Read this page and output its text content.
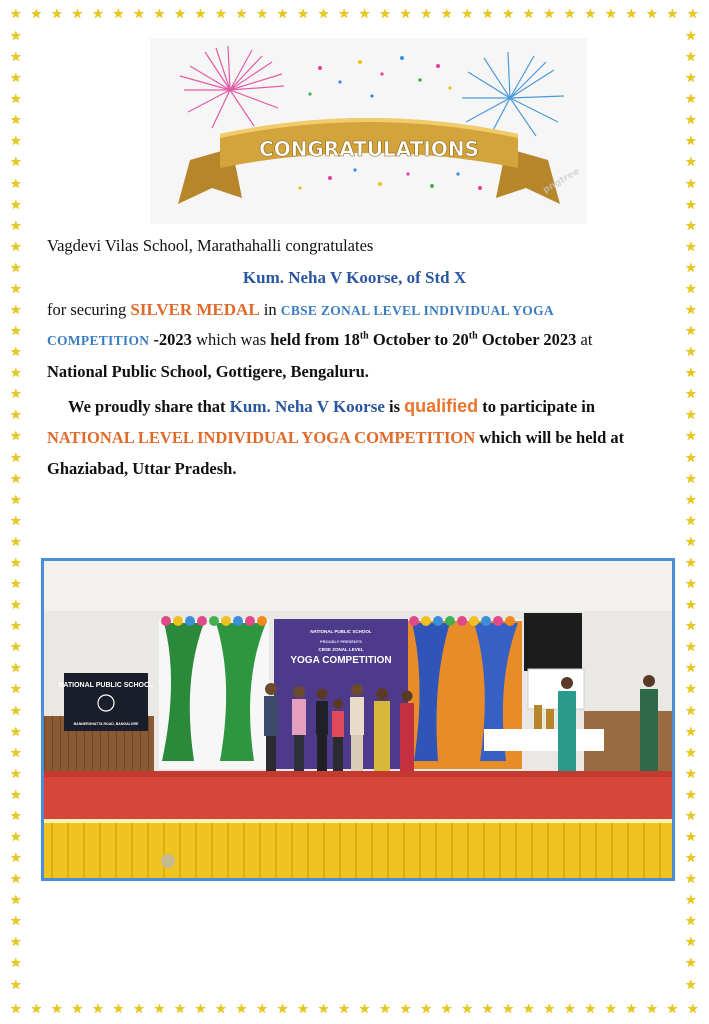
★ ★ ★ ★ ★ ★ ★ ★ ★ ★ ★ ★ ★ ★ ★ ★ ★ ★ ★ ★ ★ ★ ★ ★ ★ ★ ★ ★ ★ ★ ★ ★ ★ ★
★ ★ ★ ★ ★ ★ ★ ★ ★ ★ ★ ★ ★ ★ ★ ★ ★ ★ ★ ★ ★ ★ ★ ★ ★ ★ ★ ★ ★ ★ ★ ★ ★ ★
★
★
★
★
★
★
★
★
★
★
★
★
★
★
★
★
★
★
★
★
★
★
★
★
★
★
★
★
★
★
★
★
★
★
★
★
★
★
★
★
★
★
★
★
★
★
★
★
★
★
★
★
★
★
★
★
★
★
★
★
★
★
★
★
★
★
★
★
★
★
★
★
★
★
★
★
★
★
★
★
★
★
★
★
★
★
★
★
★
★
★
★
CONGRATULATIONS
pngtree
Vagdevi Vilas School, Marathahalli congratulates
Kum. Neha V Koorse, of Std X
for securing SILVER MEDAL in CBSE ZONAL LEVEL INDIVIDUAL YOGA
COMPETITION -2023 which was held from 18th October to 20th October 2023 at
National Public School, Gottigere, Bengaluru.
We proudly share that Kum. Neha V Koorse is qualified to participate in
NATIONAL LEVEL INDIVIDUAL YOGA COMPETITION which will be held at
Ghaziabad, Uttar Pradesh.
NATIONAL PUBLIC SCHOOL
BANNERGHATTA ROAD, BANGALORE
NATIONAL PUBLIC SCHOOL
PROUDLY PRESENTS
CBSE ZONAL LEVEL
YOGA COMPETITION
